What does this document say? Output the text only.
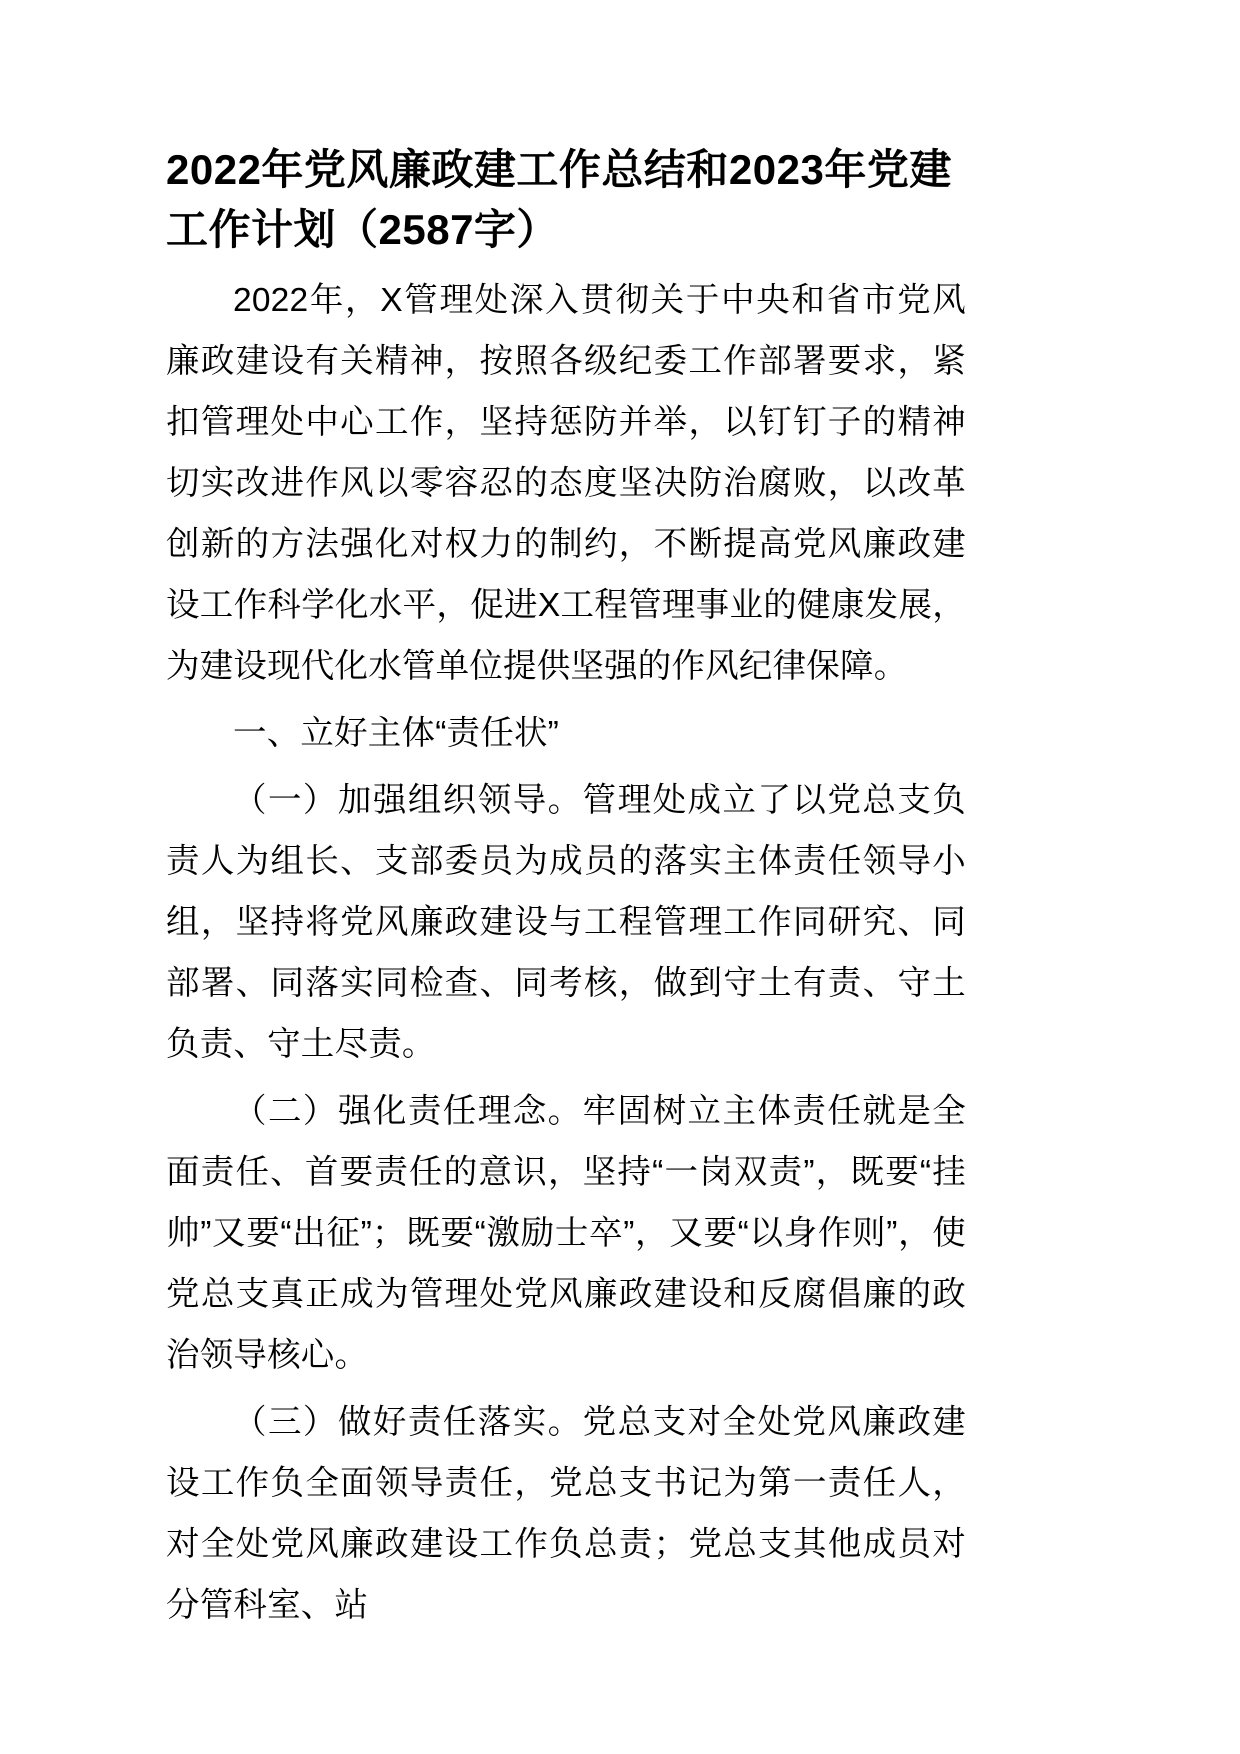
2022年党风廉政建工作总结和2023年党建工作计划（2587字）

2022年，X管理处深入贯彻关于中央和省市党风廉政建设有关精神，按照各级纪委工作部署要求，紧扣管理处中心工作，坚持惩防并举，以钉钉子的精神切实改进作风以零容忍的态度坚决防治腐败，以改革创新的方法强化对权力的制约，不断提高党风廉政建设工作科学化水平，促进X工程管理事业的健康发展，为建设现代化水管单位提供坚强的作风纪律保障。

一、立好主体“责任状”

（一）加强组织领导。管理处成立了以党总支负责人为组长、支部委员为成员的落实主体责任领导小组，坚持将党风廉政建设与工程管理工作同研究、同部署、同落实同检查、同考核，做到守土有责、守土负责、守土尽责。

（二）强化责任理念。牢固树立主体责任就是全面责任、首要责任的意识，坚持“一岗双责”，既要“挂帅”又要“出征”；既要“激励士卒”，又要“以身作则”，使党总支真正成为管理处党风廉政建设和反腐倡廉的政治领导核心。

（三）做好责任落实。党总支对全处党风廉政建设工作负全面领导责任，党总支书记为第一责任人，对全处党风廉政建设工作负总责；党总支其他成员对分管科室、站
